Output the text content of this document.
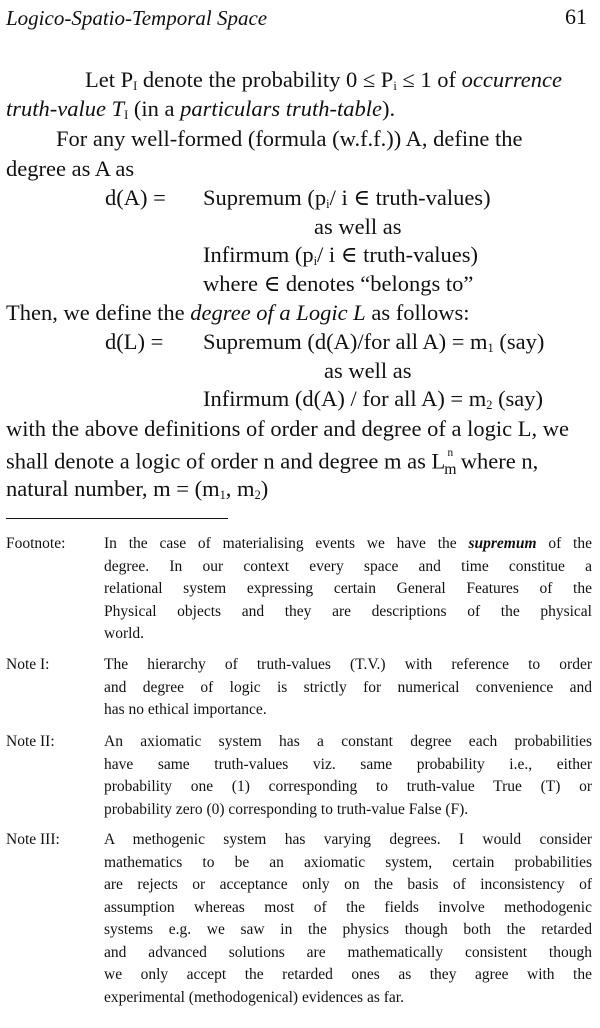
Logico-Spatio-Temporal Space	61
Let $P_I$ denote the probability $0 \le P_i \le 1$ of occurrence
truth-value $T_I$ (in a particulars truth-table).
For any well-formed (formula (w.f.f.)) A, define the
degree as A as
d(A) = Supremum ($p_i/$ i ∈ truth-values)
as well as
Infirmum ($p_i/$ i ∈ truth-values)
where ∈ denotes “belongs to”
Then, we define the degree of a Logic L as follows:
d(L) = Supremum (d(A)/for all $A) = m_1$ (say)
as well as
Infirmum (d(A) / for all $A) = m_2$ (say)
with the above definitions of order and degree of a logic L, we
shall denote a logic of order n and degree m as $L_m^n$ where n,
natural number, $m = (m_1$, $m_2$)
Footnote: In the case of materialising events we have the supremum of the
degree. In our context every space and time constitue a
relational system expressing certain General Features of the
Physical objects and they are descriptions of the physical
world.
Note I:	The hierarchy of truth-values (T.V.) with reference to order
and degree of logic is strictly for numerical convenience and
has no ethical importance.
Note II:	An axiomatic system has a constant degree each probabilities
have same truth-values viz. same probability i.e., either
probability one (1) corresponding to truth-value True (T) or
probability zero (0) corresponding to truth-value False (F).
Note III:	A methogenic system has varying degrees. I would consider
mathematics to be an axiomatic system, certain probabilities
are rejects or acceptance only on the basis of inconsistency of
assumption whereas most of the fields involve methodogenic
systems e.g. we saw in the physics though both the retarded
and advanced solutions are mathematically consistent though
we only accept the retarded ones as they agree with the
experimental (methodogenical) evidences as far.
